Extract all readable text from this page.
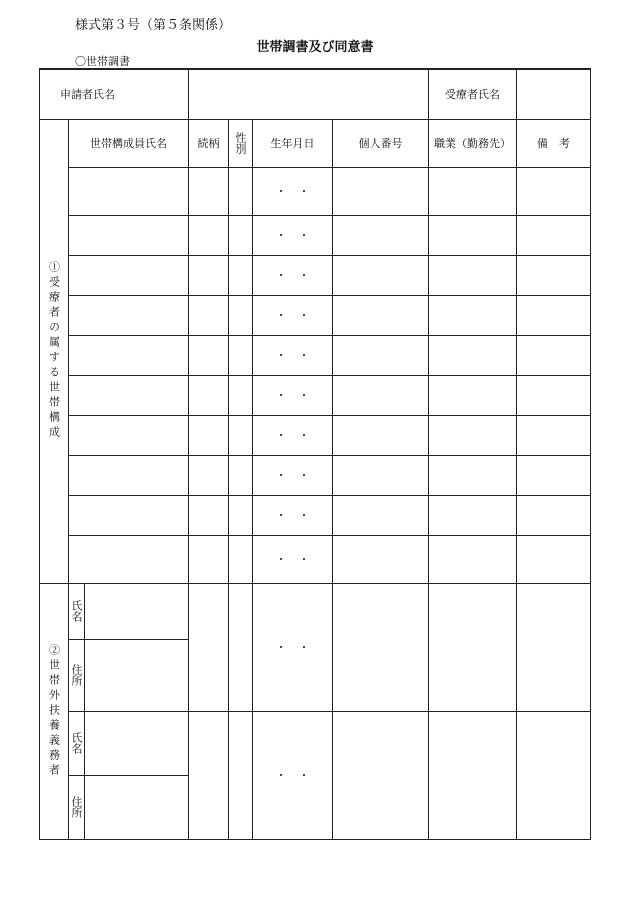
様式第３号（第５条関係）
世帯調書及び同意書
〇世帯調書
申請者氏名							受療者氏名	

①受療者の属する世帯構成	世帯構成員氏名		続柄	性別	生年月日	個人番号	職業（勤務先）	備　考
					・・			
					・・			
					・・			
					・・			
					・・			
					・・			
					・・			
					・・			
					・・			
					・・			

②世帯外扶養義務者	氏名				・・			

	住所							

	氏名				・・			

	住所							
